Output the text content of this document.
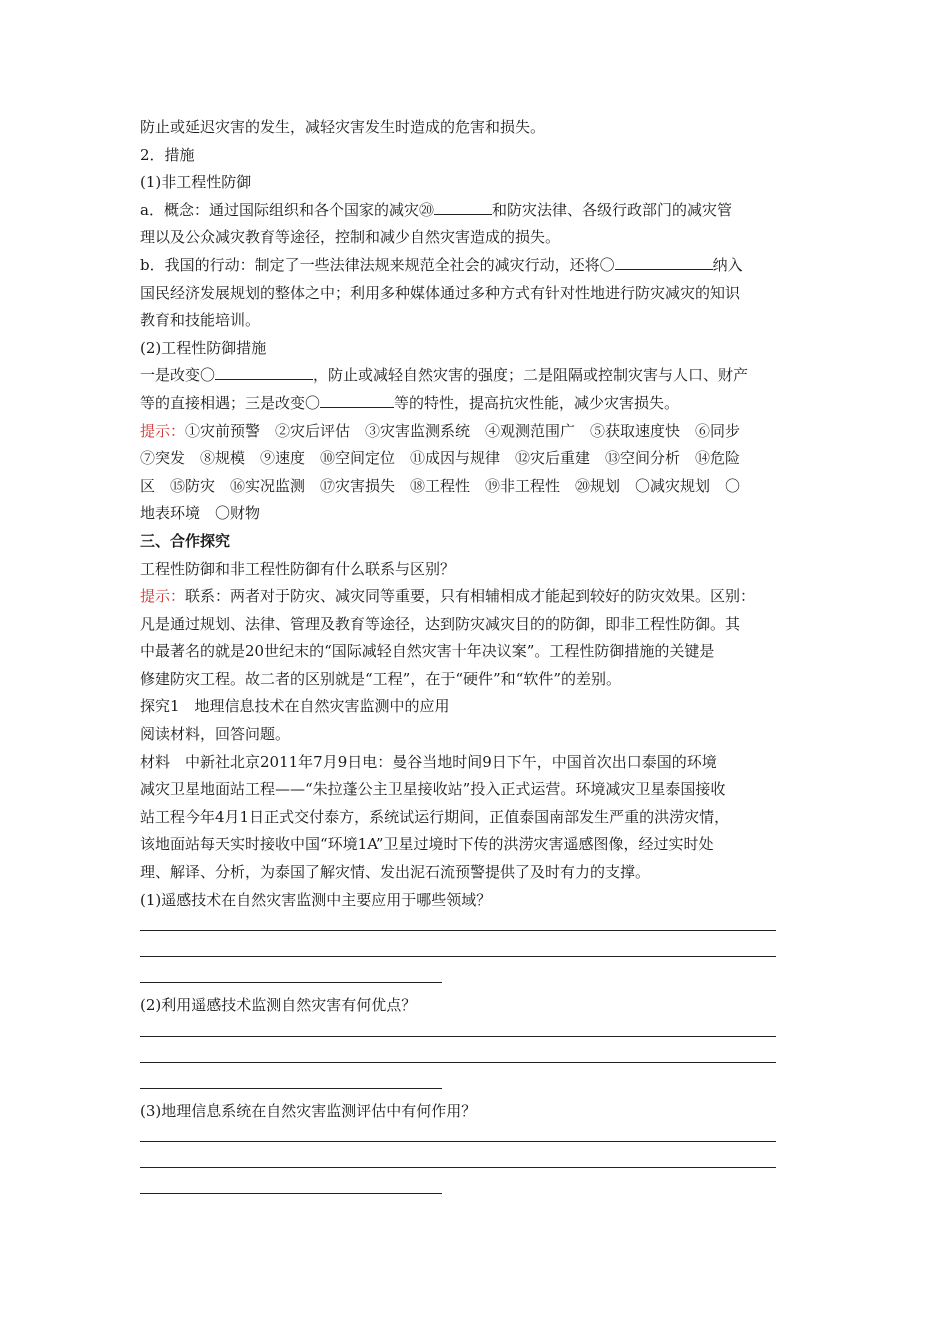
防止或延迟灾害的发生，减轻灾害发生时造成的危害和损失。

2．措施

(1)非工程性防御

a．概念：通过国际组织和各个国家的减灾⑳	和防灾法律、各级行政部门的减灾管

理以及公众减灾教育等途径，控制和减少自然灾害造成的损失。

b．我国的行动：制定了一些法律法规来规范全社会的减灾行动，还将〇	纳入

国民经济发展规划的整体之中；利用多种媒体通过多种方式有针对性地进行防灾减灾的知识

教育和技能培训。

(2)工程性防御措施

一是改变〇	，防止或减轻自然灾害的强度；二是阻隔或控制灾害与人口、财产

等的直接相遇；三是改变〇	等的特性，提高抗灾性能，减少灾害损失。

提示：①灾前预警　②灾后评估　③灾害监测系统　④观测范围广　⑤获取速度快　⑥同步

⑦突发　⑧规模　⑨速度　⑩空间定位　⑪成因与规律　⑫灾后重建　⑬空间分析　⑭危险

区　⑮防灾　⑯实况监测　⑰灾害损失　⑱工程性　⑲非工程性　⑳规划　〇减灾规划　〇

地表环境　〇财物

三、合作探究

工程性防御和非工程性防御有什么联系与区别？

提示：联系：两者对于防灾、减灾同等重要，只有相辅相成才能起到较好的防灾效果。区别：

凡是通过规划、法律、管理及教育等途径，达到防灾减灾目的的防御，即非工程性防御。其

中最著名的就是20世纪末的“国际减轻自然灾害十年决议案”。工程性防御措施的关键是

修建防灾工程。故二者的区别就是“工程”，在于“硬件”和“软件”的差别。

探究1　地理信息技术在自然灾害监测中的应用

阅读材料，回答问题。

材料　中新社北京2011年7月9日电：曼谷当地时间9日下午，中国首次出口泰国的环境

减灾卫星地面站工程——“朱拉蓬公主卫星接收站”投入正式运营。环境减灾卫星泰国接收

站工程今年4月1日正式交付泰方，系统试运行期间，正值泰国南部发生严重的洪涝灾情，

该地面站每天实时接收中国“环境1A”卫星过境时下传的洪涝灾害遥感图像，经过实时处

理、解译、分析，为泰国了解灾情、发出泥石流预警提供了及时有力的支撑。

(1)遥感技术在自然灾害监测中主要应用于哪些领域？

(2)利用遥感技术监测自然灾害有何优点？

(3)地理信息系统在自然灾害监测评估中有何作用？
